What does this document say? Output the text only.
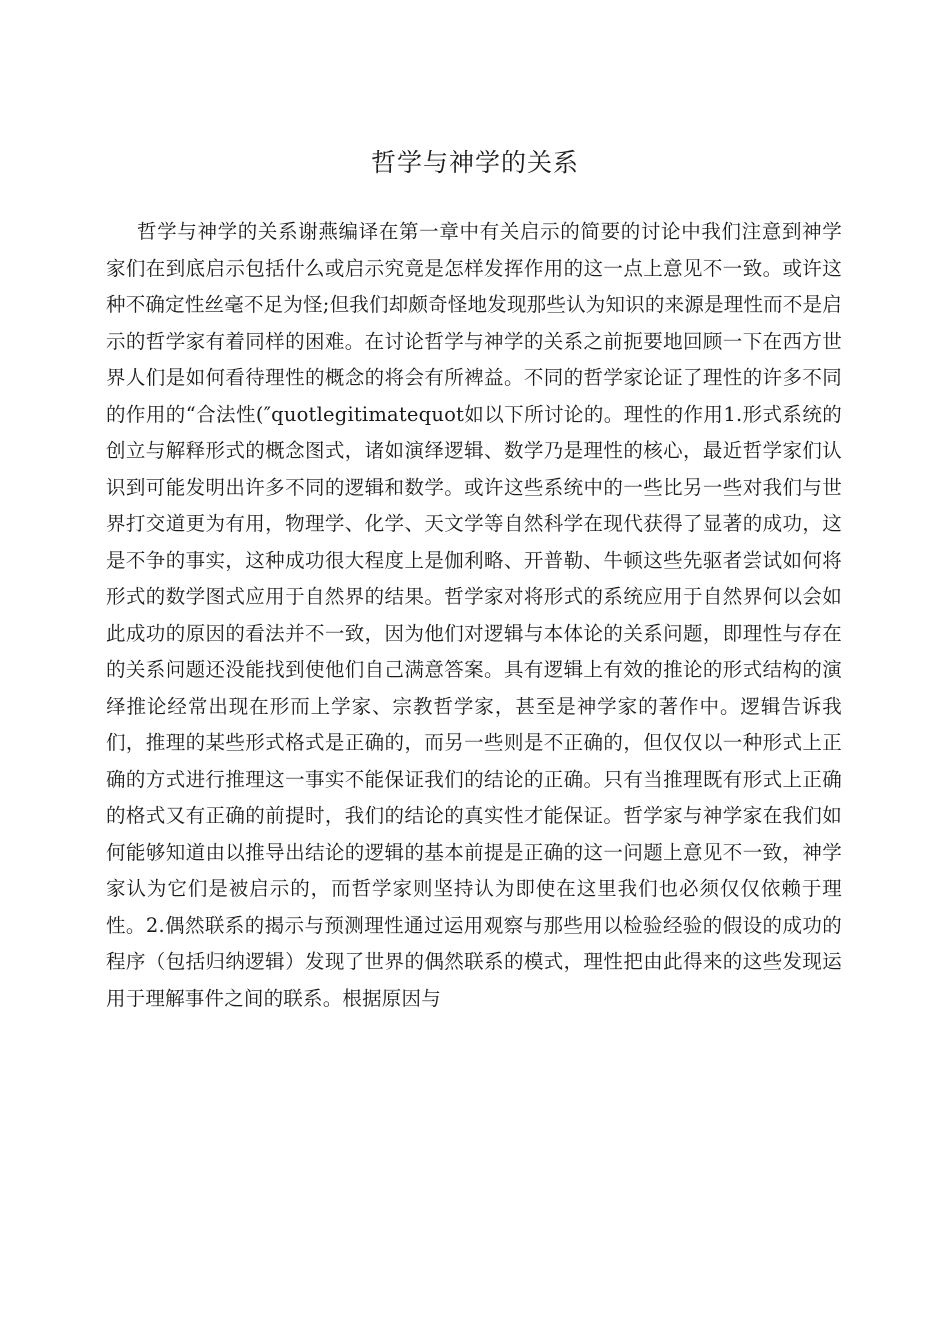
哲学与神学的关系

哲学与神学的关系谢燕编译在第一章中有关启示的简要的讨论中我们注意到神学家们在到底启示包括什么或启示究竟是怎样发挥作用的这一点上意见不一致。或许这种不确定性丝毫不足为怪;但我们却颇奇怪地发现那些认为知识的来源是理性而不是启示的哲学家有着同样的困难。在讨论哲学与神学的关系之前扼要地回顾一下在西方世界人们是如何看待理性的概念的将会有所裨益。不同的哲学家论证了理性的许多不同的作用的“合法性(″quotlegitimatequot如以下所讨论的。理性的作用1.形式系统的创立与解释形式的概念图式，诸如演绎逻辑、数学乃是理性的核心，最近哲学家们认识到可能发明出许多不同的逻辑和数学。或许这些系统中的一些比另一些对我们与世界打交道更为有用，物理学、化学、天文学等自然科学在现代获得了显著的成功，这是不争的事实，这种成功很大程度上是伽利略、开普勒、牛顿这些先驱者尝试如何将形式的数学图式应用于自然界的结果。哲学家对将形式的系统应用于自然界何以会如此成功的原因的看法并不一致，因为他们对逻辑与本体论的关系问题，即理性与存在的关系问题还没能找到使他们自己满意答案。具有逻辑上有效的推论的形式结构的演绎推论经常出现在形而上学家、宗教哲学家，甚至是神学家的著作中。逻辑告诉我们，推理的某些形式格式是正确的，而另一些则是不正确的，但仅仅以一种形式上正确的方式进行推理这一事实不能保证我们的结论的正确。只有当推理既有形式上正确的格式又有正确的前提时，我们的结论的真实性才能保证。哲学家与神学家在我们如何能够知道由以推导出结论的逻辑的基本前提是正确的这一问题上意见不一致，神学家认为它们是被启示的，而哲学家则坚持认为即使在这里我们也必须仅仅依赖于理性。2.偶然联系的揭示与预测理性通过运用观察与那些用以检验经验的假设的成功的程序（包括归纳逻辑）发现了世界的偶然联系的模式，理性把由此得来的这些发现运用于理解事件之间的联系。根据原因与
